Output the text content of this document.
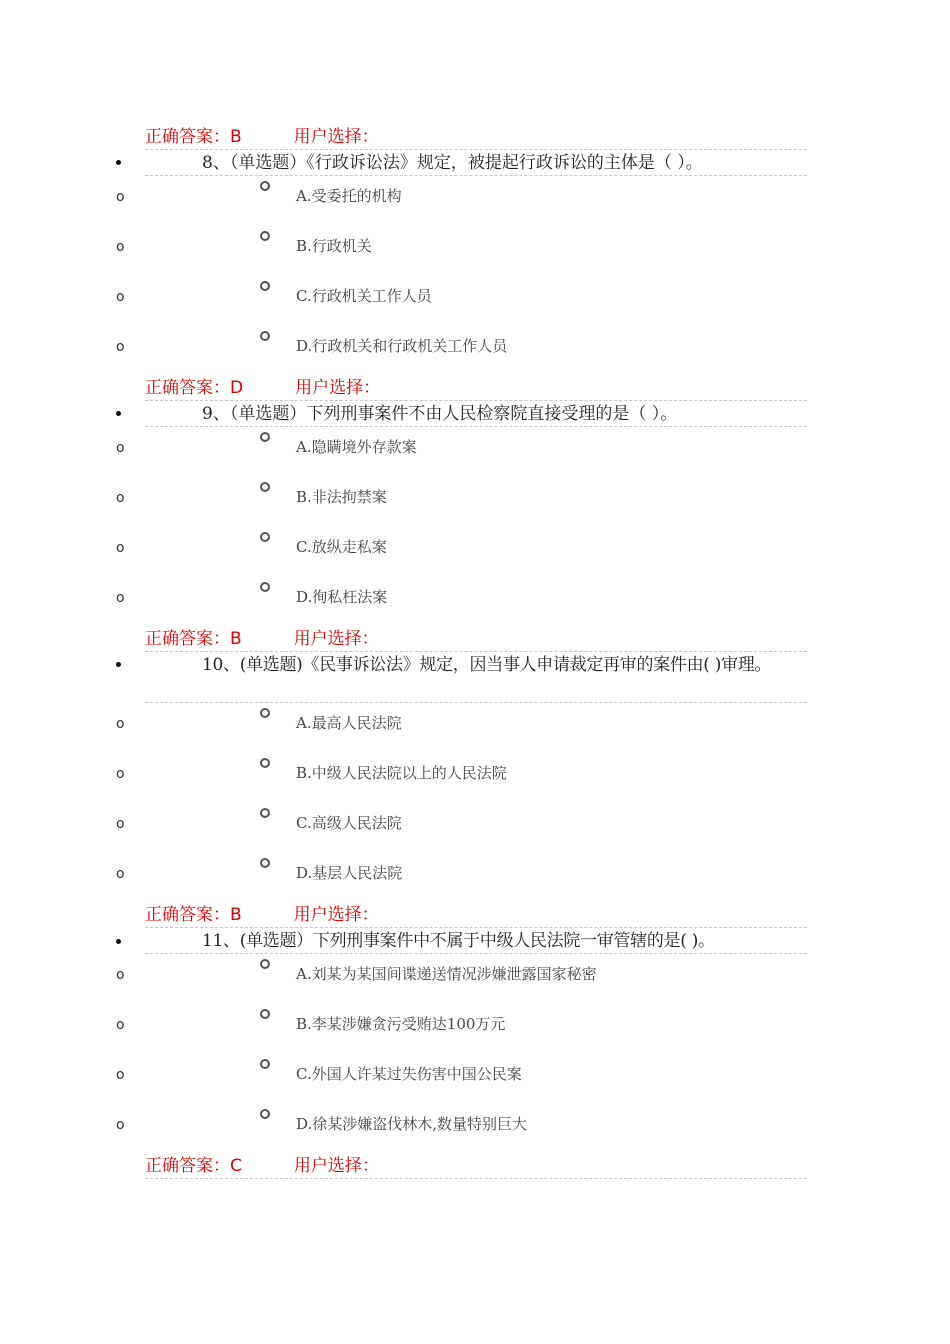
正确答案：B	用户选择：
8、（单选题）《行政诉讼法》规定，被提起行政诉讼的主体是（ ）。
o	A.受委托的机构
o	B.行政机关
o	C.行政机关工作人员
o	D.行政机关和行政机关工作人员
正确答案：D	用户选择：
9、（单选题）下列刑事案件不由人民检察院直接受理的是（ ）。
o	A.隐瞒境外存款案
o	B.非法拘禁案
o	C.放纵走私案
o	D.徇私枉法案
正确答案：B	用户选择：
10、(单选题)《民事诉讼法》规定，因当事人申请裁定再审的案件由( )审理。
o	A.最高人民法院
o	B.中级人民法院以上的人民法院
o	C.高级人民法院
o	D.基层人民法院
正确答案：B	用户选择：
11、(单选题）下列刑事案件中不属于中级人民法院一审管辖的是( )。
o	A.刘某为某国间谍递送情况涉嫌泄露国家秘密
o	B.李某涉嫌贪污受贿达100万元
o	C.外国人许某过失伤害中国公民案
o	D.徐某涉嫌盗伐林木,数量特别巨大
正确答案：C	用户选择：
